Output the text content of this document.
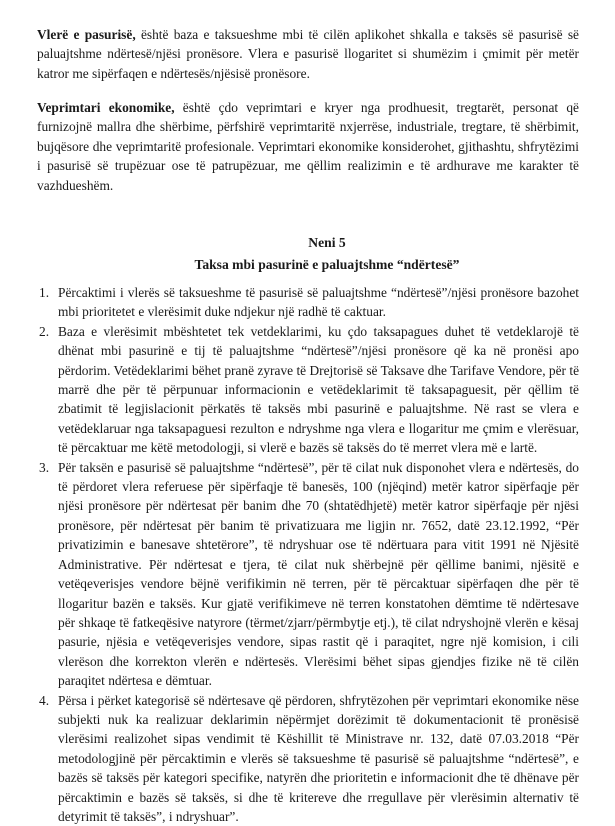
Vlerë e pasurisë, është baza e taksueshme mbi të cilën aplikohet shkalla e taksës së pasurisë së paluajtshme ndërtesë/njësi pronësore. Vlera e pasurisë llogaritet si shumëzim i çmimit për metër katror me sipërfaqen e ndërtesës/njësisë pronësore.

Veprimtari ekonomike, është çdo veprimtari e kryer nga prodhuesit, tregtarët, personat që furnizojnë mallra dhe shërbime, përfshirë veprimtaritë nxjerrëse, industriale, tregtare, të shërbimit, bujqësore dhe veprimtaritë profesionale. Veprimtari ekonomike konsiderohet, gjithashtu, shfrytëzimi i pasurisë së trupëzuar ose të patrupëzuar, me qëllim realizimin e të ardhurave me karakter të vazhdueshëm.

Neni 5
Taksa mbi pasurinë e paluajtshme “ndërtesë”
1. Përcaktimi i vlerës së taksueshme të pasurisë së paluajtshme “ndërtesë”/njësi pronësore bazohet mbi prioritetet e vlerësimit duke ndjekur një radhë të caktuar.
2. Baza e vlerësimit mbështetet tek vetdeklarimi, ku çdo taksapagues duhet të vetdeklarojë të dhënat mbi pasurinë e tij të paluajtshme “ndërtesë”/njësi pronësore që ka në pronësi apo përdorim. Vetëdeklarimi bëhet pranë zyrave të Drejtorisë së Taksave dhe Tarifave Vendore, për të marrë dhe për të përpunuar informacionin e vetëdeklarimit të taksapaguesit, për qëllim të zbatimit të legjislacionit përkatës të taksës mbi pasurinë e paluajtshme. Në rast se vlera e vetëdeklaruar nga taksapaguesi rezulton e ndryshme nga vlera e llogaritur me çmim e vlerësuar, të përcaktuar me këtë metodologji, si vlerë e bazës së taksës do të merret vlera më e lartë.
3. Për taksën e pasurisë së paluajtshme “ndërtesë”, për të cilat nuk disponohet vlera e ndërtesës, do të përdoret vlera referuese për sipërfaqje të banesës, 100 (njëqind) metër katror sipërfaqje për njësi pronësore për ndërtesat për banim dhe 70 (shtatëdhjetë) metër katror sipërfaqje për njësi pronësore, për ndërtesat për banim të privatizuara me ligjin nr. 7652, datë 23.12.1992, “Për privatizimin e banesave shtetërore”, të ndryshuar ose të ndërtuara para vitit 1991 në Njësitë Administrative. Për ndërtesat e tjera, të cilat nuk shërbejnë për qëllime banimi, njësitë e vetëqeverisjes vendore bëjnë verifikimin në terren, për të përcaktuar sipërfaqen dhe për të llogaritur bazën e taksës. Kur gjatë verifikimeve në terren konstatohen dëmtime të ndërtesave për shkaqe të fatkeqësive natyrore (tërmet/zjarr/përmbytje etj.), të cilat ndryshojnë vlerën e kësaj pasurie, njësia e vetëqeverisjes vendore, sipas rastit që i paraqitet, ngre një komision, i cili vlerëson dhe korrekton vlerën e ndërtesës. Vlerësimi bëhet sipas gjendjes fizike në të cilën paraqitet ndërtesa e dëmtuar.
4. Përsa i përket kategorisë së ndërtesave që përdoren, shfrytëzohen për veprimtari ekonomike nëse subjekti nuk ka realizuar deklarimin nëpërmjet dorëzimit të dokumentacionit të pronësisë vlerësimi realizohet sipas vendimit të Këshillit të Ministrave nr. 132, datë 07.03.2018 “Për metodologjinë për përcaktimin e vlerës së taksueshme të pasurisë së paluajtshme “ndërtesë”, e bazës së taksës për kategori specifike, natyrën dhe prioritetin e informacionit dhe të dhënave për përcaktimin e bazës së taksës, si dhe të kritereve dhe rregullave për vlerësimin alternativ të detyrimit të taksës”, i ndryshuar”.
